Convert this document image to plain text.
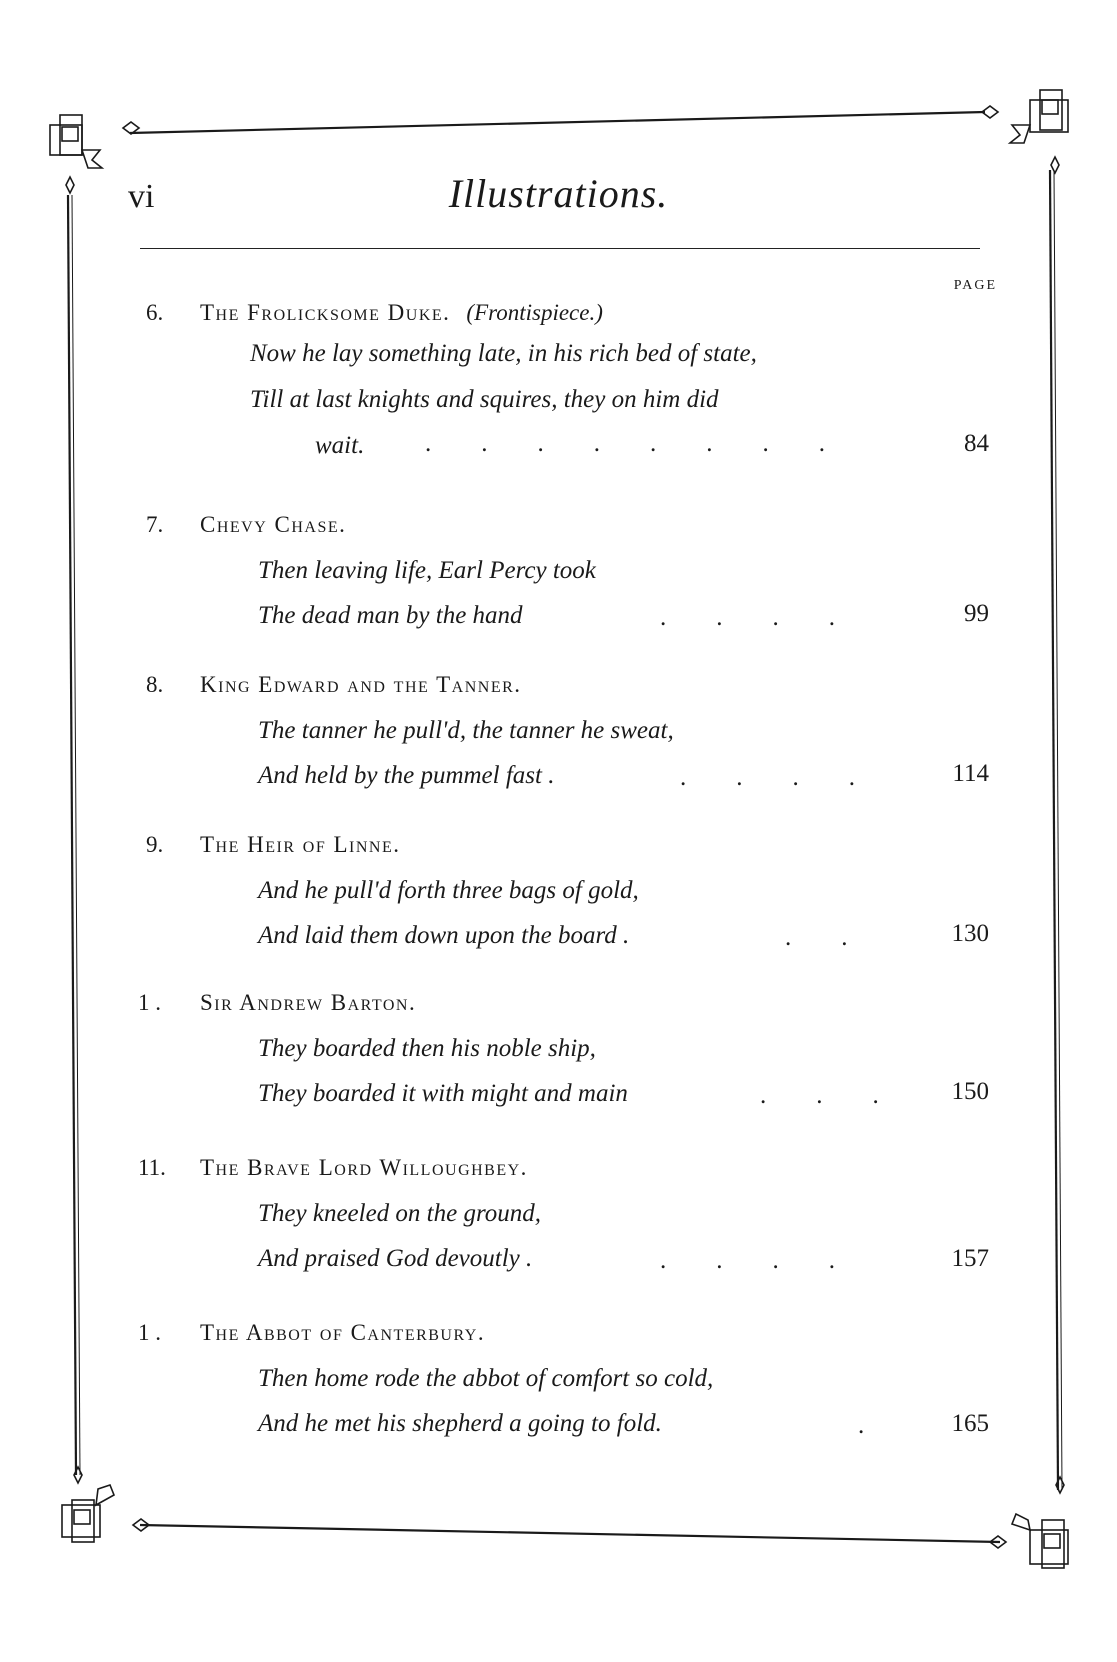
vi	Illustrations.
PAGE
6. The Frolicksome Duke. (Frontispiece.)
Now he lay something late, in his rich bed of state,
Till at last knights and squires, they on him did
wait. .        .        .        .        .        .        .        .	84
7. Chevy Chase.
Then leaving life, Earl Percy took
The dead man by the hand	.        .        .        .	99
8. King Edward and the Tanner.
The tanner he pull'd, the tanner he sweat,
And held by the pummel fast .	.        .        .        .	114
9. The Heir of Linne.
And he pull'd forth three bags of gold,
And laid them down upon the board .	.        .	130
1 . Sir Andrew Barton.
They boarded then his noble ship,
They boarded it with might and main	.        .        .	150
11. The Brave Lord Willoughbey.
They kneeled on the ground,
And praised God devoutly .	.        .        .        .	157
1 . The Abbot of Canterbury.
Then home rode the abbot of comfort so cold,
And he met his shepherd a going to fold.	.	165
